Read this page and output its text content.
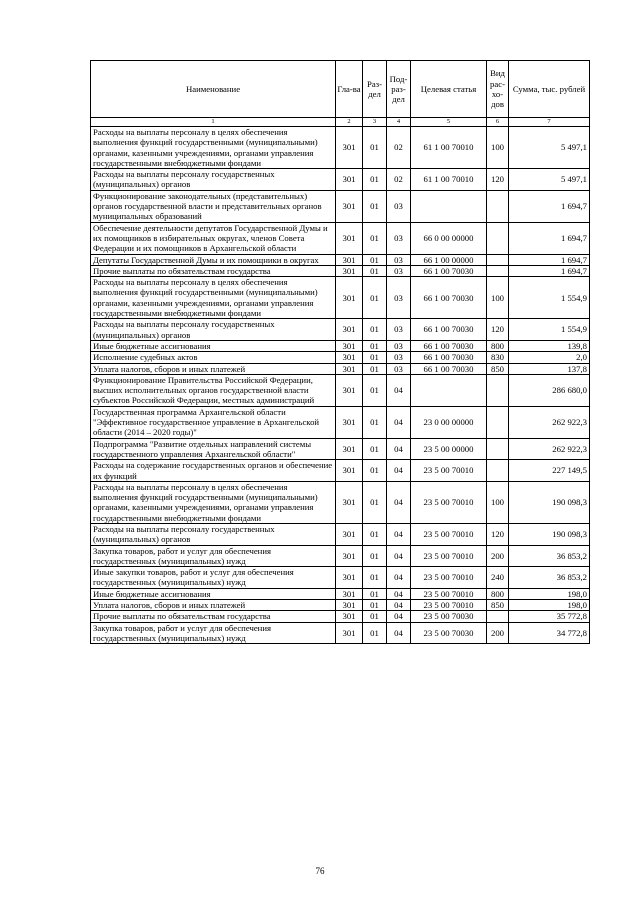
Наименование	Гла-ва	Раз-дел	Под-раз-дел	Целевая статья	Вид рас-хо-дов	Сумма, тыс. рублей
1	2	3	4	5	6	7
Расходы на выплаты персоналу в целях обеспечения выполнения функций государственными (муниципальными) органами, казенными учреждениями, органами управления государственными внебюджетными фондами	301	01	02	61 1 00 70010	100	5 497,1
Расходы на выплаты персоналу государственных (муниципальных) органов	301	01	02	61 1 00 70010	120	5 497,1
Функционирование законодательных (представительных) органов государственной власти и представительных органов муниципальных образований	301	01	03			1 694,7
Обеспечение деятельности депутатов Государственной Думы и их помощников в избирательных округах, членов Совета Федерации и их помощников в Архангельской области	301	01	03	66 0 00 00000		1 694,7
Депутаты Государственной Думы и их помощники в округах	301	01	03	66 1 00 00000		1 694,7
Прочие выплаты по обязательствам государства	301	01	03	66 1 00 70030		1 694,7
Расходы на выплаты персоналу в целях обеспечения выполнения функций государственными (муниципальными) органами, казенными учреждениями, органами управления государственными внебюджетными фондами	301	01	03	66 1 00 70030	100	1 554,9
Расходы на выплаты персоналу государственных (муниципальных) органов	301	01	03	66 1 00 70030	120	1 554,9
Иные бюджетные ассигнования	301	01	03	66 1 00 70030	800	139,8
Исполнение судебных актов	301	01	03	66 1 00 70030	830	2,0
Уплата налогов, сборов и иных платежей	301	01	03	66 1 00 70030	850	137,8
Функционирование Правительства Российской Федерации, высших исполнительных органов государственной власти субъектов Российской Федерации, местных администраций	301	01	04			286 680,0
Государственная программа Архангельской области "Эффективное государственное управление в Архангельской области (2014 – 2020 годы)"	301	01	04	23 0 00 00000		262 922,3
Подпрограмма "Развитие отдельных направлений системы государственного управления Архангельской области"	301	01	04	23 5 00 00000		262 922,3
Расходы на содержание государственных органов и обеспечение их функций	301	01	04	23 5 00 70010		227 149,5
Расходы на выплаты персоналу в целях обеспечения выполнения функций государственными (муниципальными) органами, казенными учреждениями, органами управления государственными внебюджетными фондами	301	01	04	23 5 00 70010	100	190 098,3
Расходы на выплаты персоналу государственных (муниципальных) органов	301	01	04	23 5 00 70010	120	190 098,3
Закупка товаров, работ и услуг для обеспечения государственных (муниципальных) нужд	301	01	04	23 5 00 70010	200	36 853,2
Иные закупки товаров, работ и услуг для обеспечения государственных (муниципальных) нужд	301	01	04	23 5 00 70010	240	36 853,2
Иные бюджетные ассигнования	301	01	04	23 5 00 70010	800	198,0
Уплата налогов, сборов и иных платежей	301	01	04	23 5 00 70010	850	198,0
Прочие выплаты по обязательствам государства	301	01	04	23 5 00 70030		35 772,8
Закупка товаров, работ и услуг для обеспечения государственных (муниципальных) нужд	301	01	04	23 5 00 70030	200	34 772,8
76
